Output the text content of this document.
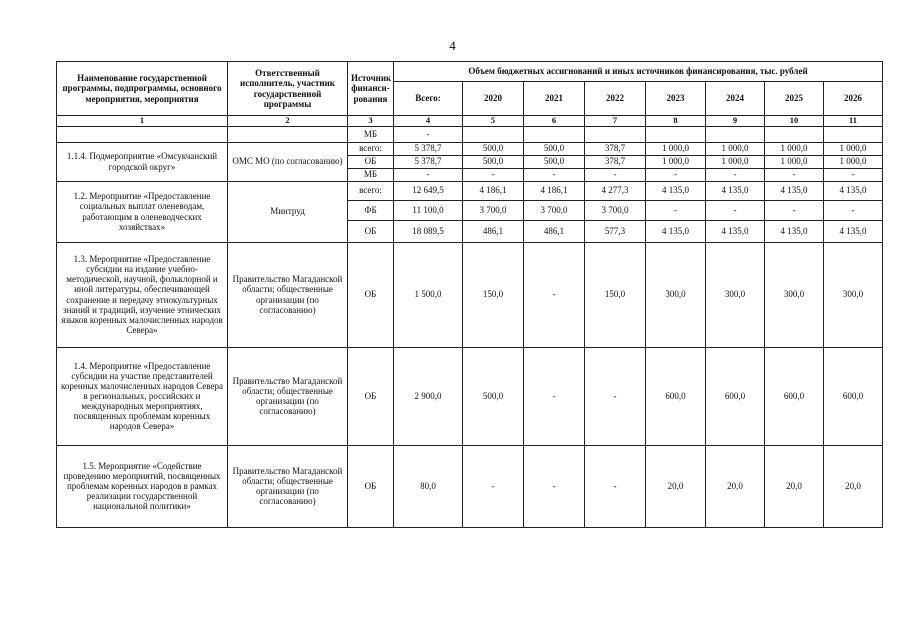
4
Наименование государственной программы, подпрограммы, основного мероприятия, мероприятия	Ответственный исполнитель, участник государственной программы	Источник финанси-рования	Объем бюджетных ассигнований и иных источников финансирования, тыс. рублей							
			Всего:	2020	2021	2022	2023	2024	2025	2026
1	2	3	4	5	6	7	8	9	10	11
		МБ	-							
1.1.4. Подмероприятие «Омсукчанский городской округ»	ОМС МО (по согласованию)	всего:	5 378,7	500,0	500,0	378,7	1 000,0	1 000,0	1 000,0	1 000,0
		ОБ	5 378,7	500,0	500,0	378,7	1 000,0	1 000,0	1 000,0	1 000,0
		МБ	-	-	-	-	-	-	-	-
1.2. Мероприятие «Предоставление социальных выплат оленеводам, работающим в оленеводческих хозяйствах»	Минтруд	всего:	12 649,5	4 186,1	4 186,1	4 277,3	4 135,0	4 135,0	4 135,0	4 135,0
		ФБ	11 100,0	3 700,0	3 700,0	3 700,0	-	-	-	-
		ОБ	18 089,5	486,1	486,1	577,3	4 135,0	4 135,0	4 135,0	4 135,0
1.3. Мероприятие «Предоставление субсидии на издание учебно-методической, научной, фольклорной и иной литературы, обеспечивающей сохранение и передачу этнокультурных знаний и традиций, изучение этнических языков коренных малочисленных народов Севера»	Правительство Магаданской области; общественные организации (по согласованию)	ОБ	1 500,0	150,0	-	150,0	300,0	300,0	300,0	300,0
1.4. Мероприятие «Предоставление субсидии на участие представителей коренных малочисленных народов Севера в региональных, российских и международных мероприятиях, посвященных проблемам коренных народов Севера»	Правительство Магаданской области; общественные организации (по согласованию)	ОБ	2 900,0	500,0	-	-	600,0	600,0	600,0	600,0
1.5. Мероприятие «Содействие проведению мероприятий, посвященных проблемам коренных народов в рамках реализации государственной национальной политики»	Правительство Магаданской области; общественные организации (по согласованию)	ОБ	80,0	-	-	-	20,0	20,0	20,0	20,0
